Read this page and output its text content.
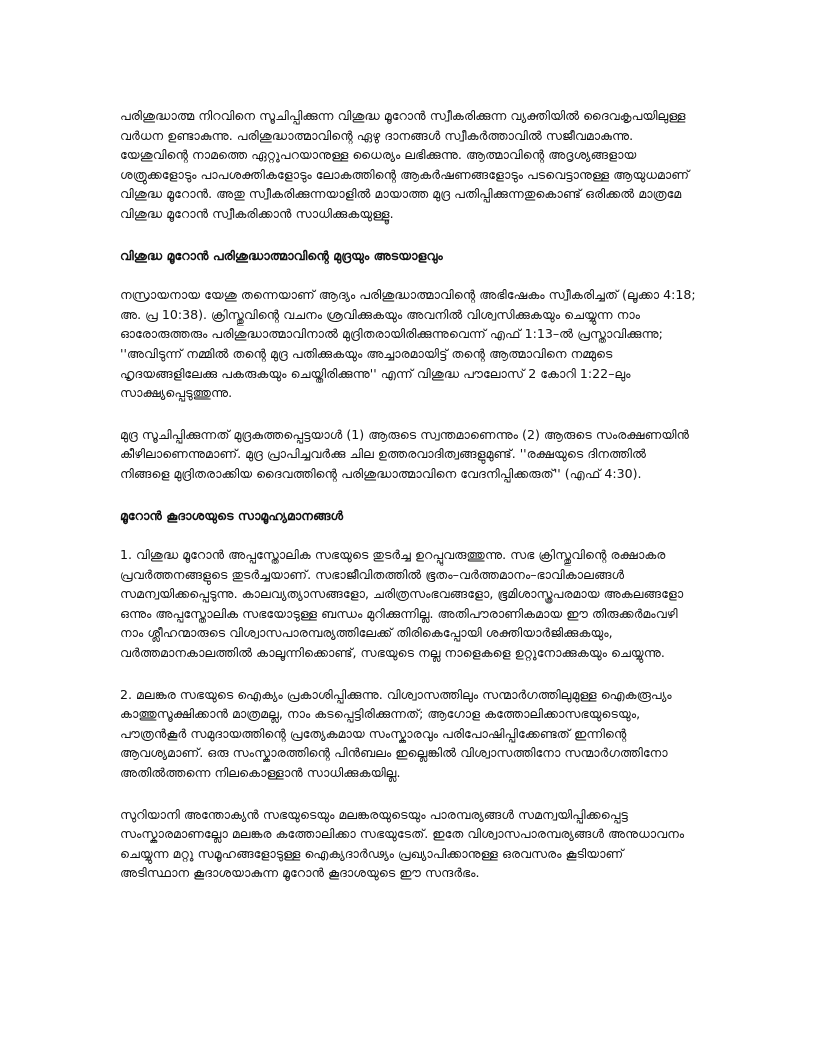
പരിശുദ്ധാത്മ നിറവിനെ സൂചിപ്പിക്കുന്ന വിശുദ്ധ മൂറോൻ സ്വീകരിക്കുന്ന വ്യക്തിയിൽ ദൈവകൃപയിലുള്ള വർധന ഉണ്ടാകുന്നു. പരിശുദ്ധാത്മാവിന്റെ ഏഴു ദാനങ്ങൾ സ്വീകർത്താവിൽ സജീവമാകുന്നു. യേശുവിന്റെ നാമത്തെ ഏറ്റുപറയാനുള്ള ധൈര്യം ലഭിക്കുന്നു. ആത്മാവിന്റെ അദൃശ്യങ്ങളായ ശത്രുക്കളോടും പാപശക്തികളോടും ലോകത്തിന്റെ ആകർഷണങ്ങളോടും പടവെട്ടാനുള്ള ആയുധമാണ് വിശുദ്ധ മൂറോൻ. അതു സ്വീകരിക്കുന്നയാളിൽ മായാത്ത മുദ്ര പതിപ്പിക്കുന്നതുകൊണ്ട് ഒരിക്കൽ മാത്രമേ വിശുദ്ധ മൂറോൻ സ്വീകരിക്കാൻ സാധിക്കുകയുള്ളൂ.

വിശുദ്ധ മൂറോൻ പരിശുദ്ധാത്മാവിന്റെ മുദ്രയും അടയാളവും

നസ്രായനായ യേശു തന്നെയാണ് ആദ്യം പരിശുദ്ധാത്മാവിന്റെ അഭിഷേകം സ്വീകരിച്ചത് (ലൂക്കാ 4:18; അ. പ്ര 10:38). ക്രിസ്തുവിന്റെ വചനം ശ്രവിക്കുകയും അവനിൽ വിശ്വസിക്കുകയും ചെയ്യുന്ന നാം ഓരോരുത്തരും പരിശുദ്ധാത്മാവിനാൽ മുദ്രിതരായിരിക്കുന്നുവെന്ന് എഫ് 1:13–ൽ പ്രസ്താവിക്കുന്നു; ''അവിടുന്ന് നമ്മിൽ തന്റെ മുദ്ര പതിക്കുകയും അച്ചാരമായിട്ട് തന്റെ ആത്മാവിനെ നമ്മുടെ ഹൃദയങ്ങളിലേക്കു പകരുകയും ചെയ്തിരിക്കുന്നു'' എന്ന് വിശുദ്ധ പൗലോസ് 2 കോറി 1:22–ലും സാക്ഷ്യപ്പെടുത്തുന്നു.

മുദ്ര സൂചിപ്പിക്കുന്നത് മുദ്രകുത്തപ്പെട്ടയാൾ (1) ആരുടെ സ്വന്തമാണെന്നും (2) ആരുടെ സംരക്ഷണയിൻ കീഴിലാണെന്നുമാണ്. മുദ്ര പ്രാപിച്ചവർക്കു ചില ഉത്തരവാദിത്വങ്ങളുമുണ്ട്. ''രക്ഷയുടെ ദിനത്തിൽ നിങ്ങളെ മുദ്രിതരാക്കിയ ദൈവത്തിന്റെ പരിശുദ്ധാത്മാവിനെ വേദനിപ്പിക്കരുത്'' (എഫ് 4:30).

മൂറോൻ കൂദാശയുടെ സാമൂഹ്യമാനങ്ങൾ

1. വിശുദ്ധ മൂറോൻ അപ്പസ്തോലിക സഭയുടെ തുടർച്ച ഉറപ്പുവരുത്തുന്നു. സഭ ക്രിസ്തുവിന്റെ രക്ഷാകര പ്രവർത്തനങ്ങളുടെ തുടർച്ചയാണ്. സഭാജീവിതത്തിൽ ഭൂതം–വർത്തമാനം–ഭാവികാലങ്ങൾ സമന്വയിക്കപ്പെടുന്നു. കാലവ്യത്യാസങ്ങളോ, ചരിത്രസംഭവങ്ങളോ, ഭൂമിശാസ്ത്രപരമായ അകലങ്ങളോ ഒന്നും അപ്പസ്തോലിക സഭയോടുള്ള ബന്ധം മുറിക്കുന്നില്ല. അതിപൗരാണികമായ ഈ തിരുക്കർമംവഴി നാം ശ്ലീഹന്മാരുടെ വിശ്വാസപാരമ്പര്യത്തിലേക്ക് തിരികെപ്പോയി ശക്തിയാർജിക്കുകയും, വർത്തമാനകാലത്തിൽ കാലൂന്നിക്കൊണ്ട്, സഭയുടെ നല്ല നാളെകളെ ഉറ്റുനോക്കുകയും ചെയ്യുന്നു.

2. മലങ്കര സഭയുടെ ഐക്യം പ്രകാശിപ്പിക്കുന്നു. വിശ്വാസത്തിലും സന്മാർഗത്തിലുമുള്ള ഐകരൂപ്യം കാത്തുസൂക്ഷിക്കാൻ മാത്രമല്ല, നാം കടപ്പെട്ടിരിക്കുന്നത്; ആഗോള കത്തോലിക്കാസഭയുടെയും, പൗത്രൻകൂർ സമുദായത്തിന്റെ പ്രത്യേകമായ സംസ്കാരവും പരിപോഷിപ്പിക്കേണ്ടത് ഇന്നിന്റെ ആവശ്യമാണ്. ഒരു സംസ്കാരത്തിന്റെ പിൻബലം ഇല്ലെങ്കിൽ വിശ്വാസത്തിനോ സന്മാർഗത്തിനോ അതിൽത്തന്നെ നിലകൊള്ളാൻ സാധിക്കുകയില്ല.

സുറിയാനി അന്തോക്യൻ സഭയുടെയും മലങ്കരയുടെയും പാരമ്പര്യങ്ങൾ സമന്വയിപ്പിക്കപ്പെട്ട സംസ്കാരമാണല്ലോ മലങ്കര കത്തോലിക്കാ സഭയുടേത്. ഇതേ വിശ്വാസപാരമ്പര്യങ്ങൾ അനുധാവനം ചെയ്യുന്ന മറ്റു സമൂഹങ്ങളോടുള്ള ഐക്യദാർഢ്യം പ്രഖ്യാപിക്കാനുള്ള ഒരവസരം കൂടിയാണ് അടിസ്ഥാന കൂദാശയാകുന്ന മൂറോൻ കൂദാശയുടെ ഈ സന്ദർഭം.
